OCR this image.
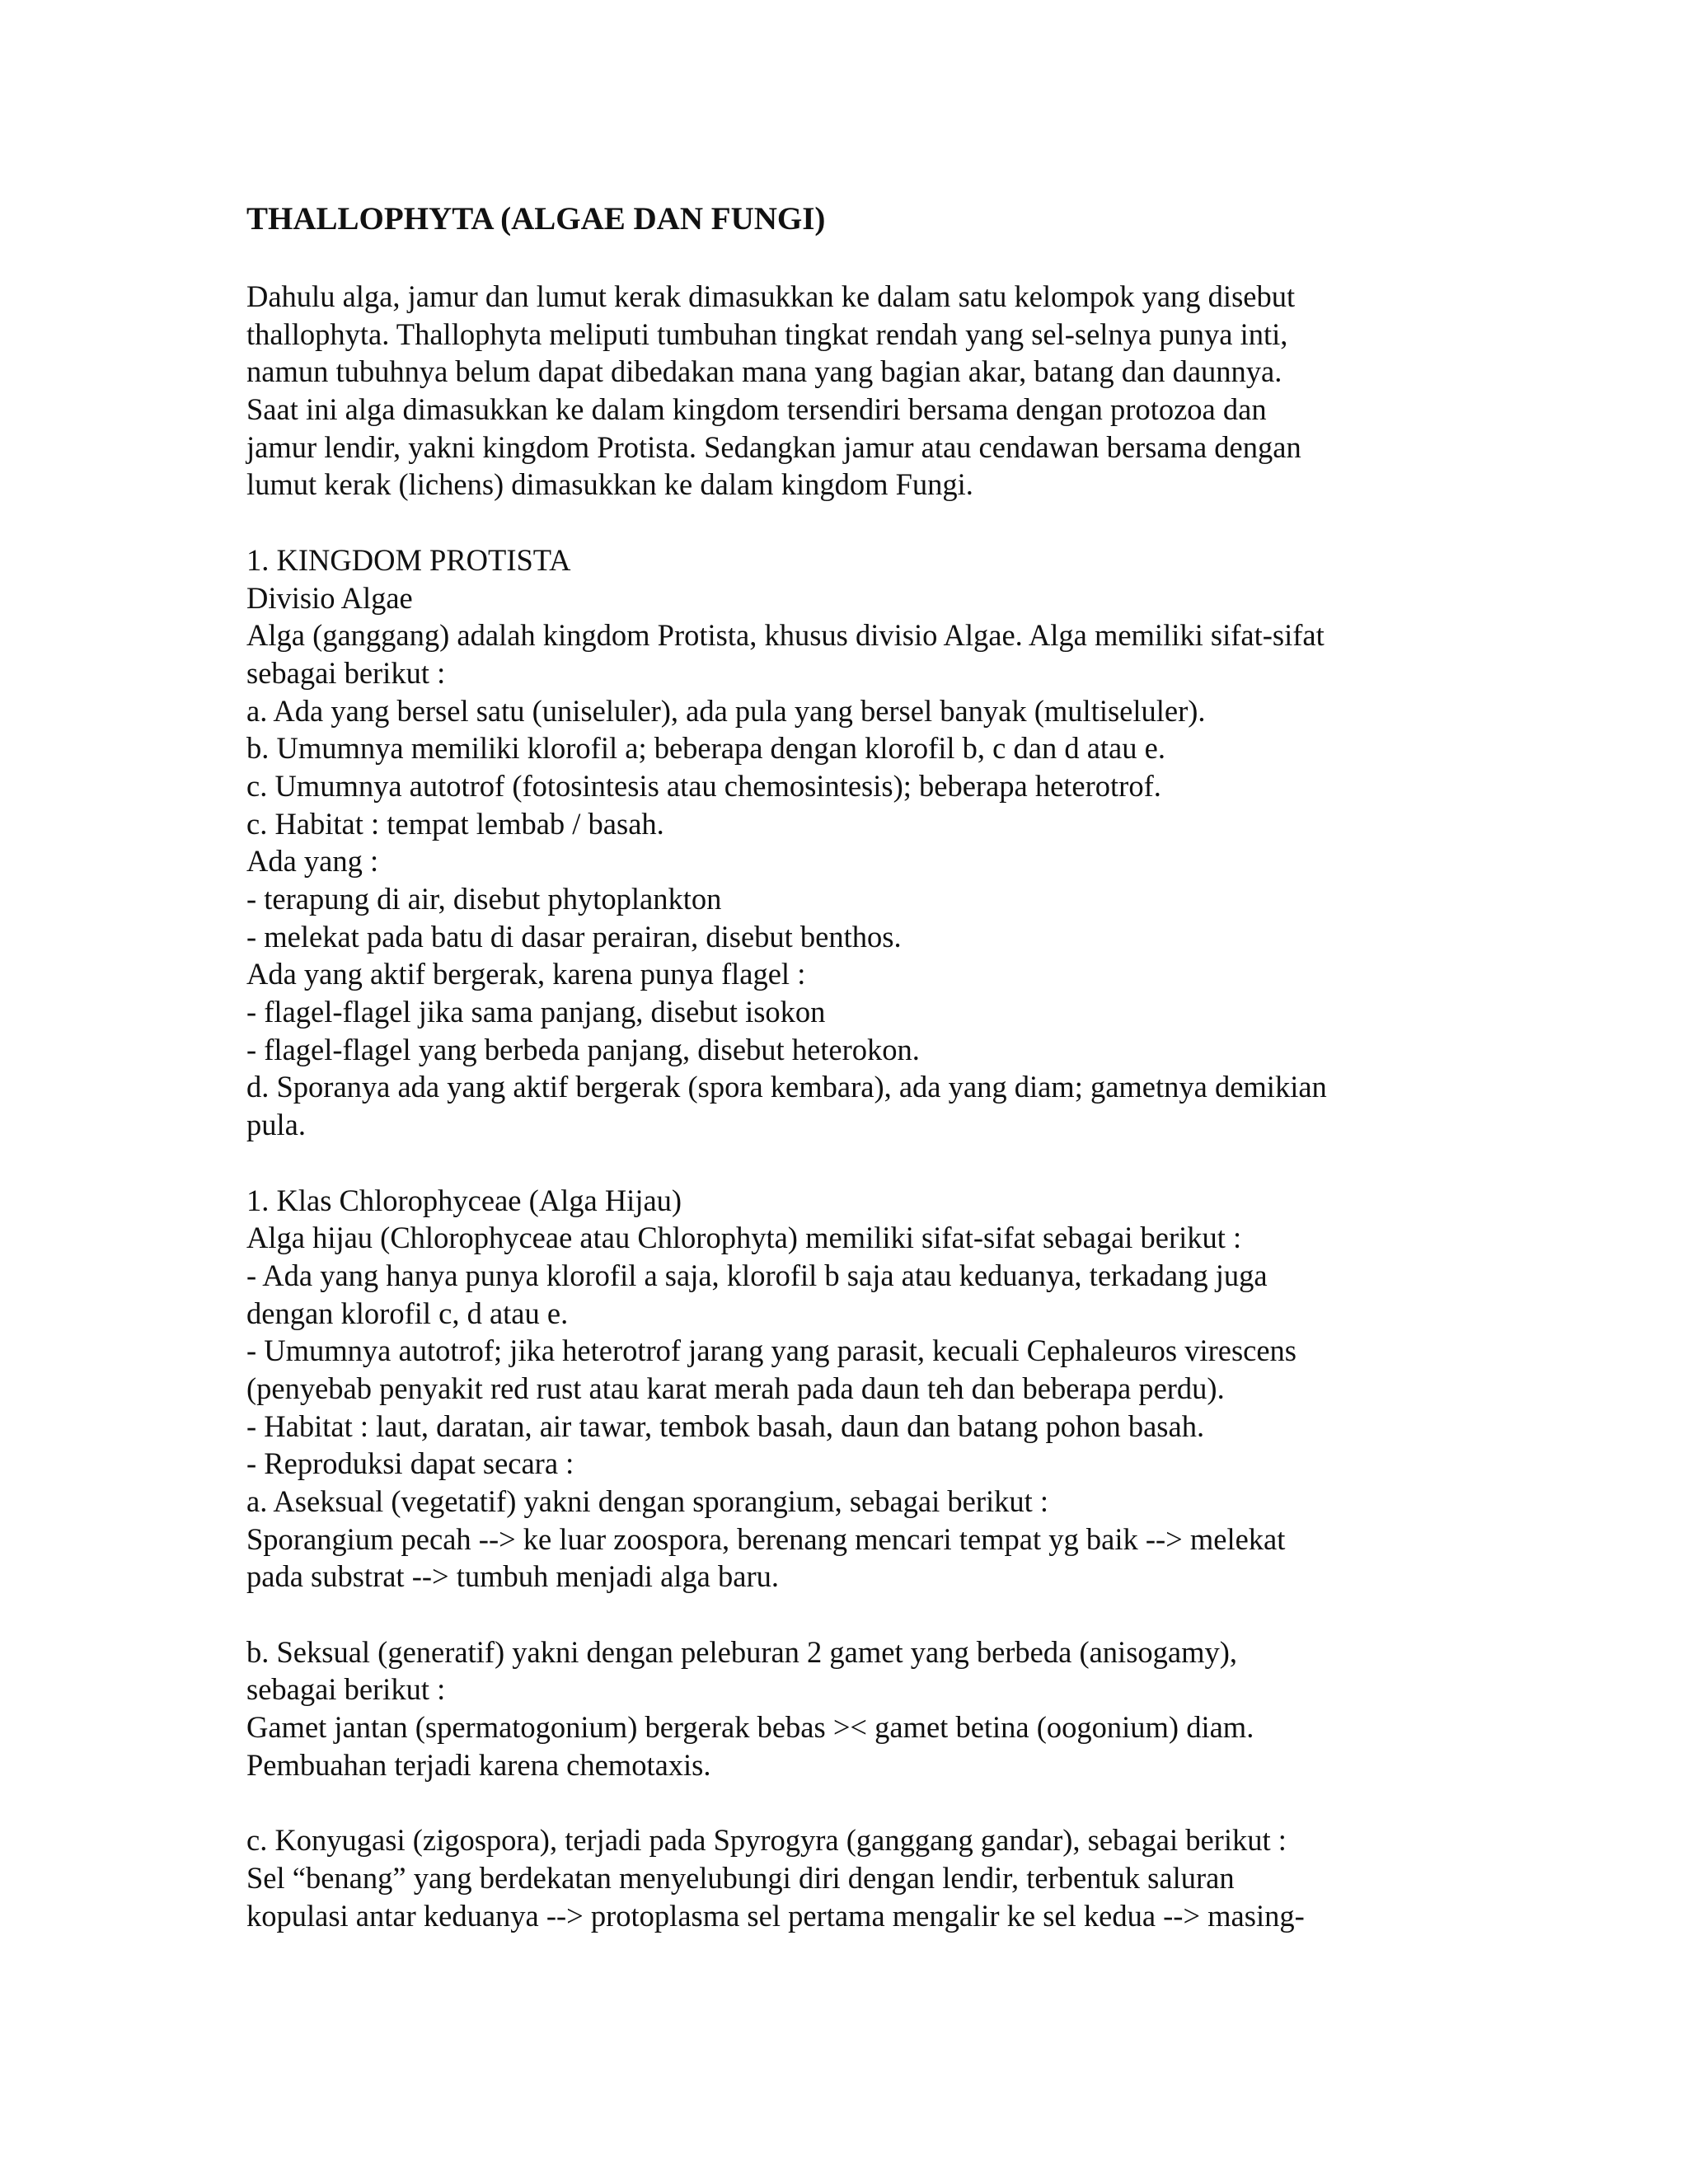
THALLOPHYTA (ALGAE DAN FUNGI)
Dahulu alga, jamur dan lumut kerak dimasukkan ke dalam satu kelompok yang disebut
thallophyta. Thallophyta meliputi tumbuhan tingkat rendah yang sel-selnya punya inti,
namun tubuhnya belum dapat dibedakan mana yang bagian akar, batang dan daunnya.
Saat ini alga dimasukkan ke dalam kingdom tersendiri bersama dengan protozoa dan
jamur lendir, yakni kingdom Protista. Sedangkan jamur atau cendawan bersama dengan
lumut kerak (lichens) dimasukkan ke dalam kingdom Fungi.
1. KINGDOM PROTISTA
Divisio Algae
Alga (ganggang) adalah kingdom Protista, khusus divisio Algae. Alga memiliki sifat-sifat
sebagai berikut :
a. Ada yang bersel satu (uniseluler), ada pula yang bersel banyak (multiseluler).
b. Umumnya memiliki klorofil a; beberapa dengan klorofil b, c dan d atau e.
c. Umumnya autotrof (fotosintesis atau chemosintesis); beberapa heterotrof.
c. Habitat : tempat lembab / basah.
Ada yang :
- terapung di air, disebut phytoplankton
- melekat pada batu di dasar perairan, disebut benthos.
Ada yang aktif bergerak, karena punya flagel :
- flagel-flagel jika sama panjang, disebut isokon
- flagel-flagel yang berbeda panjang, disebut heterokon.
d. Sporanya ada yang aktif bergerak (spora kembara), ada yang diam; gametnya demikian
pula.
1. Klas Chlorophyceae (Alga Hijau)
Alga hijau (Chlorophyceae atau Chlorophyta) memiliki sifat-sifat sebagai berikut :
- Ada yang hanya punya klorofil a saja, klorofil b saja atau keduanya, terkadang juga
dengan klorofil c, d atau e.
- Umumnya autotrof; jika heterotrof jarang yang parasit, kecuali Cephaleuros virescens
(penyebab penyakit red rust atau karat merah pada daun teh dan beberapa perdu).
- Habitat : laut, daratan, air tawar, tembok basah, daun dan batang pohon basah.
- Reproduksi dapat secara :
a. Aseksual (vegetatif) yakni dengan sporangium, sebagai berikut :
Sporangium pecah --> ke luar zoospora, berenang mencari tempat yg baik --> melekat
pada substrat --> tumbuh menjadi alga baru.
b. Seksual (generatif) yakni dengan peleburan 2 gamet yang berbeda (anisogamy),
sebagai berikut :
Gamet jantan (spermatogonium) bergerak bebas >< gamet betina (oogonium) diam.
Pembuahan terjadi karena chemotaxis.
c. Konyugasi (zigospora), terjadi pada Spyrogyra (ganggang gandar), sebagai berikut :
Sel “benang” yang berdekatan menyelubungi diri dengan lendir, terbentuk saluran
kopulasi antar keduanya --> protoplasma sel pertama mengalir ke sel kedua --> masing-
